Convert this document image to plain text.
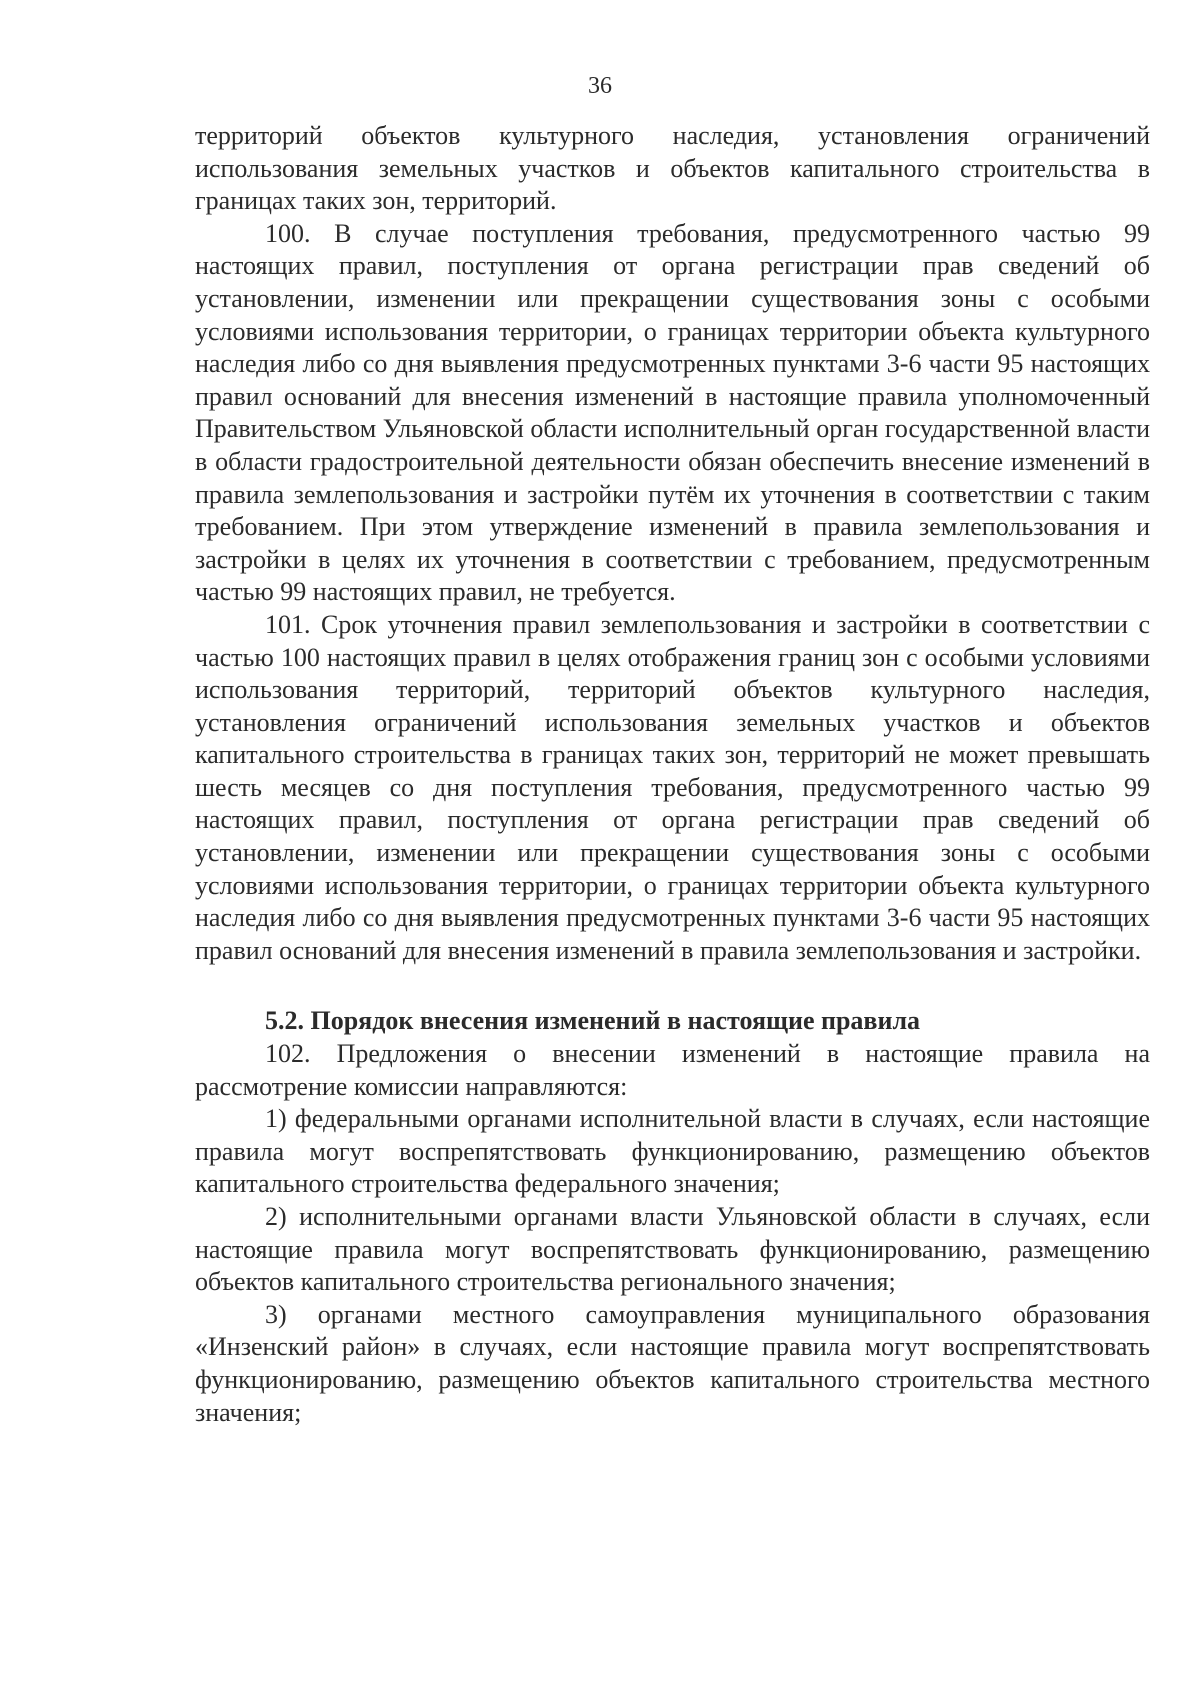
36

территорий объектов культурного наследия, установления ограничений использования земельных участков и объектов капитального строительства в границах таких зон, территорий.

100. В случае поступления требования, предусмотренного частью 99 настоящих правил, поступления от органа регистрации прав сведений об установлении, изменении или прекращении существования зоны с особыми условиями использования территории, о границах территории объекта культурного наследия либо со дня выявления предусмотренных пунктами 3-6 части 95 настоящих правил оснований для внесения изменений в настоящие правила уполномоченный Правительством Ульяновской области исполнительный орган государственной власти в области градостроительной деятельности обязан обеспечить внесение изменений в правила землепользования и застройки путём их уточнения в соответствии с таким требованием. При этом утверждение изменений в правила землепользования и застройки в целях их уточнения в соответствии с требованием, предусмотренным частью 99 настоящих правил, не требуется.

101. Срок уточнения правил землепользования и застройки в соответствии с частью 100 настоящих правил в целях отображения границ зон с особыми условиями использования территорий, территорий объектов культурного наследия, установления ограничений использования земельных участков и объектов капитального строительства в границах таких зон, территорий не может превышать шесть месяцев со дня поступления требования, предусмотренного частью 99 настоящих правил, поступления от органа регистрации прав сведений об установлении, изменении или прекращении существования зоны с особыми условиями использования территории, о границах территории объекта культурного наследия либо со дня выявления предусмотренных пунктами 3-6 части 95 настоящих правил оснований для внесения изменений в правила землепользования и застройки.

5.2. Порядок внесения изменений в настоящие правила

102. Предложения о внесении изменений в настоящие правила на рассмотрение комиссии направляются:

1) федеральными органами исполнительной власти в случаях, если настоящие правила могут воспрепятствовать функционированию, размещению объектов капитального строительства федерального значения;

2) исполнительными органами власти Ульяновской области в случаях, если настоящие правила могут воспрепятствовать функционированию, размещению объектов капитального строительства регионального значения;

3) органами местного самоуправления муниципального образования «Инзенский район» в случаях, если настоящие правила могут воспрепятствовать функционированию, размещению объектов капитального строительства местного значения;
